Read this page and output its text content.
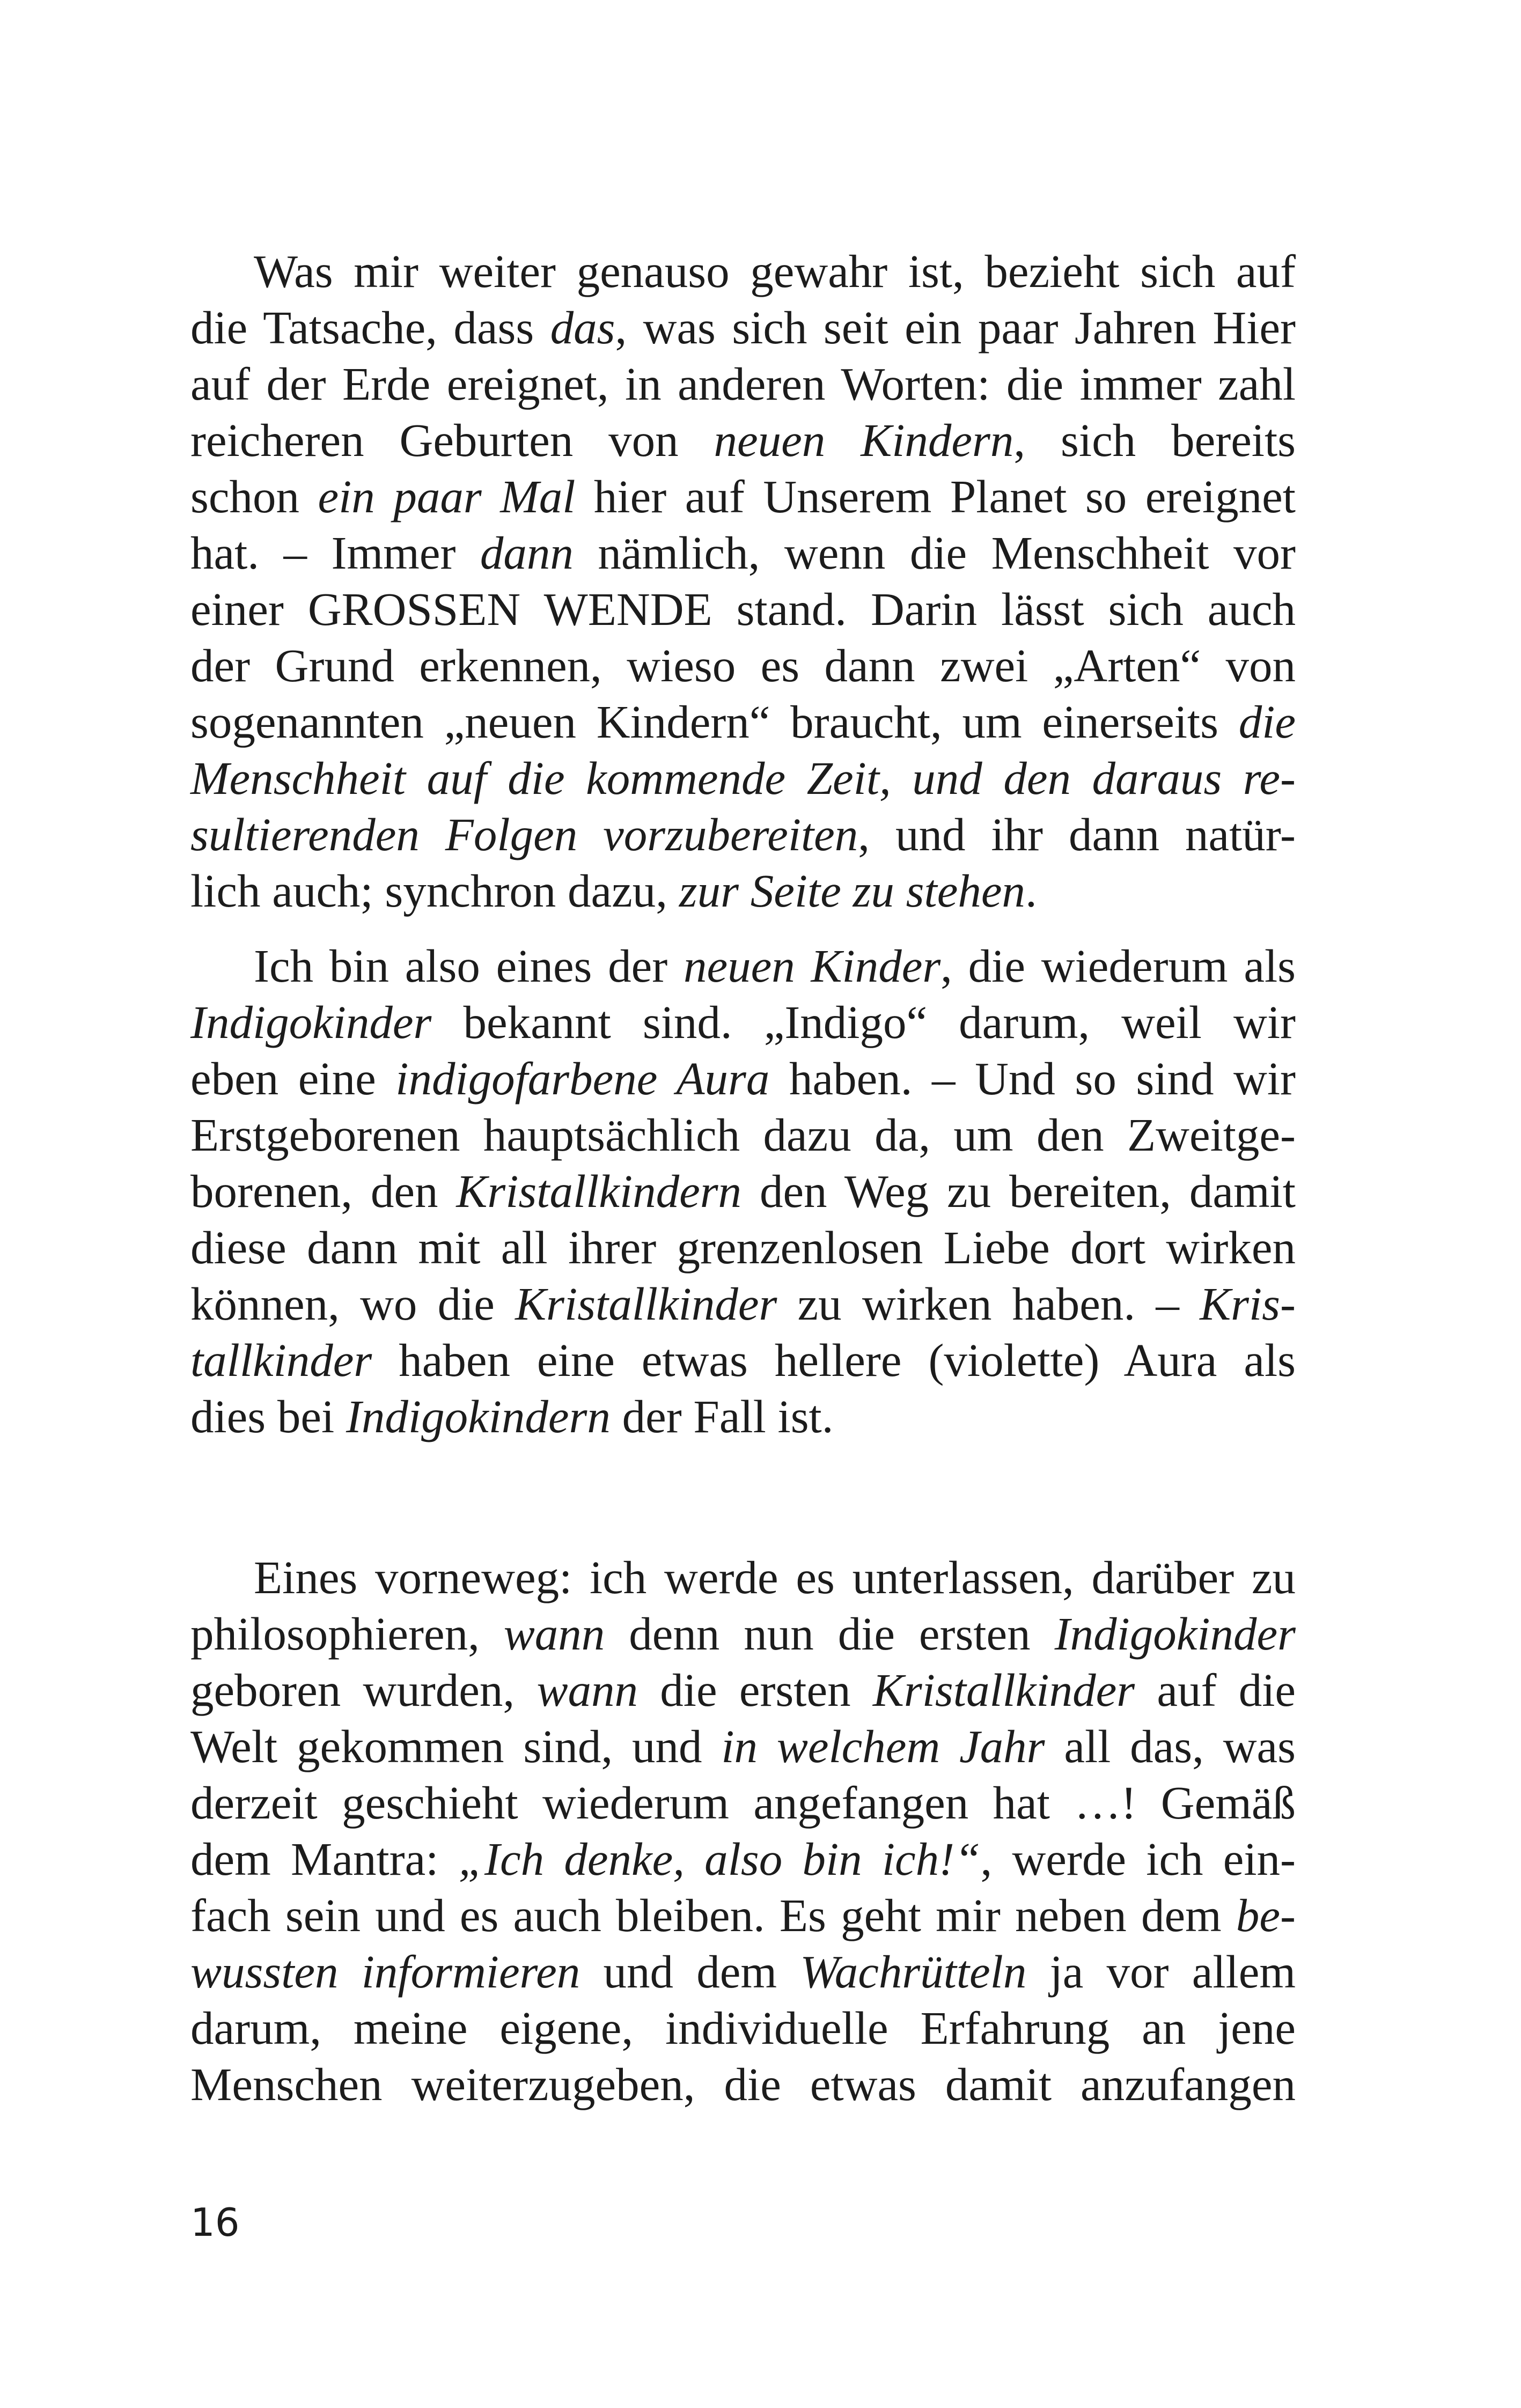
Was mir weiter genauso gewahr ist, bezieht sich auf
die Tatsache, dass das, was sich seit ein paar Jahren Hier
auf der Erde ereignet, in anderen Worten: die immer zahl
reicheren Geburten von neuen Kindern, sich bereits
schon ein paar Mal hier auf Unserem Planet so ereignet
hat. – Immer dann nämlich, wenn die Menschheit vor
einer GROSSEN WENDE stand. Darin lässt sich auch
der Grund erkennen, wieso es dann zwei „Arten“ von
sogenannten „neuen Kindern“ braucht, um einerseits die
Menschheit auf die kommende Zeit, und den daraus re-
sultierenden Folgen vorzubereiten, und ihr dann natür-
lich auch; synchron dazu, zur Seite zu stehen.
Ich bin also eines der neuen Kinder, die wiederum als
Indigokinder bekannt sind. „Indigo“ darum, weil wir
eben eine indigofarbene Aura haben. – Und so sind wir
Erstgeborenen hauptsächlich dazu da, um den Zweitge-
borenen, den Kristallkindern den Weg zu bereiten, damit
diese dann mit all ihrer grenzenlosen Liebe dort wirken
können, wo die Kristallkinder zu wirken haben. – Kris-
tallkinder haben eine etwas hellere (violette) Aura als
dies bei Indigokindern der Fall ist.
Eines vorneweg: ich werde es unterlassen, darüber zu
philosophieren, wann denn nun die ersten Indigokinder
geboren wurden, wann die ersten Kristallkinder auf die
Welt gekommen sind, und in welchem Jahr all das, was
derzeit geschieht wiederum angefangen hat …! Gemäß
dem Mantra: „Ich denke, also bin ich!“, werde ich ein-
fach sein und es auch bleiben. Es geht mir neben dem be-
wussten informieren und dem Wachrütteln ja vor allem
darum, meine eigene, individuelle Erfahrung an jene
Menschen weiterzugeben, die etwas damit anzufangen
16
